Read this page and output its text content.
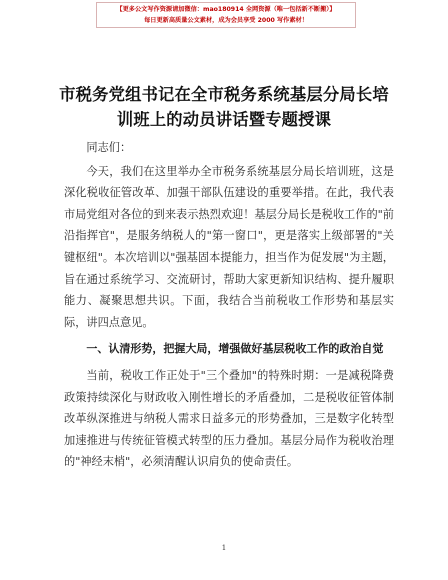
【更多公文写作资源请加微信：mao180914 全网资源（唯一包括新不断搬）】
每日更新高质量公文素材，成为会员享受 2000 写作素材！
市税务党组书记在全市税务系统基层分局长培
训班上的动员讲话暨专题授课

同志们：

今天，我们在这里举办全市税务系统基层分局长培训班，这是深化税收征管改革、加强干部队伍建设的重要举措。在此，我代表市局党组对各位的到来表示热烈欢迎！基层分局长是税收工作的"前沿指挥官"，是服务纳税人的"第一窗口"，更是落实上级部署的"关键枢纽"。本次培训以"强基固本提能力，担当作为促发展"为主题，旨在通过系统学习、交流研讨，帮助大家更新知识结构、提升履职能力、凝聚思想共识。下面，我结合当前税收工作形势和基层实际，讲四点意见。

一、认清形势，把握大局，增强做好基层税收工作的政治自觉

当前，税收工作正处于"三个叠加"的特殊时期：一是减税降费政策持续深化与财政收入刚性增长的矛盾叠加，二是税收征管体制改革纵深推进与纳税人需求日益多元的形势叠加，三是数字化转型加速推进与传统征管模式转型的压力叠加。基层分局作为税收治理的"神经末梢"，必须清醒认识肩负的使命责任。

1
